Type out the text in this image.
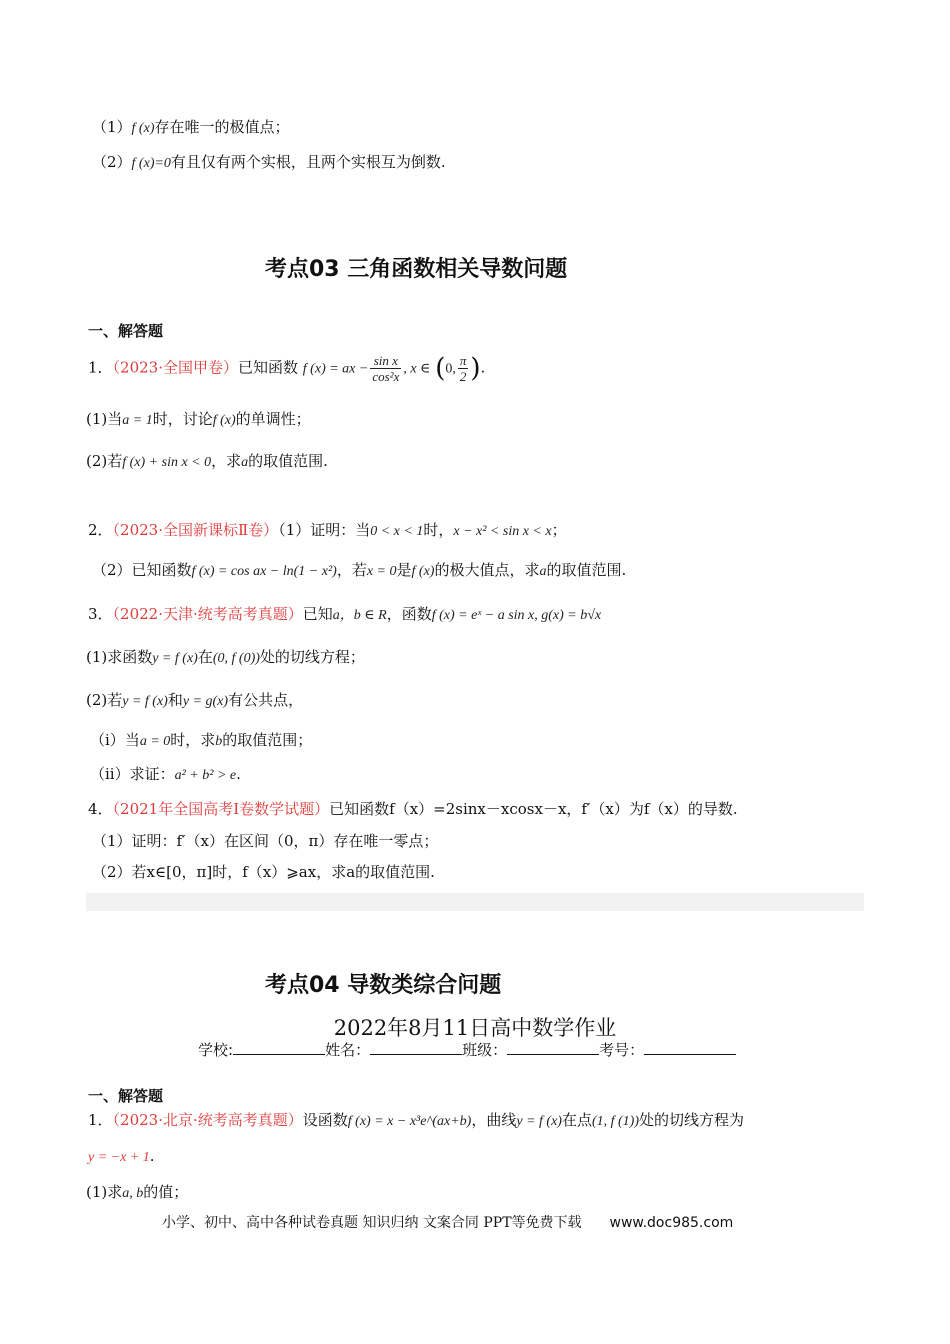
（1）f (x)存在唯一的极值点；
（2）f (x)=0有且仅有两个实根，且两个实根互为倒数.
考点03 三角函数相关导数问题
一、解答题
1．（2023·全国甲卷）已知函数 f (x) = ax − $\frac{\text{sin x}}{\text{cos²x}}$ , x ∈ (0, $\frac{\pi}{2}$ ).
(1)当a = 1时，讨论f (x)的单调性；
(2)若f (x) + sin x < 0，求a的取值范围.
2．（2023·全国新课标Ⅱ卷）（1）证明：当0 < x < 1时，x − x² < sin x < x；
（2）已知函数f (x) = cos ax − ln(1 − x²)，若x = 0是f (x)的极大值点，求a的取值范围.
3．（2022·天津·统考高考真题）已知a，b ∈ R，函数f (x) = eˣ − a sin x, g(x) = b√x
(1)求函数y = f (x)在(0, f (0))处的切线方程；
(2)若y = f (x)和y = g(x)有公共点，
（i）当a = 0时，求b的取值范围；
（ii）求证：a² + b² > e.
4．（2021年全国高考Ⅰ卷数学试题）已知函数f（x）=2sinx－xcosx－x，f′（x）为f（x）的导数.
（1）证明：f′（x）在区间（0，π）存在唯一零点；
（2）若x∈[0，π]时，f（x）⩾ax，求a的取值范围.
考点04 导数类综合问题
2022年8月11日高中数学作业
学校:	姓名：	班级：	考号：
一、解答题
1．（2023·北京·统考高考真题）设函数f (x) = x − x³e^(ax+b)，曲线y = f (x)在点(1, f (1))处的切线方程为
y = −x + 1.
(1)求a, b的值；
小学、初中、高中各种试卷真题 知识归纳 文案合同 PPT等免费下载 www.doc985.com
